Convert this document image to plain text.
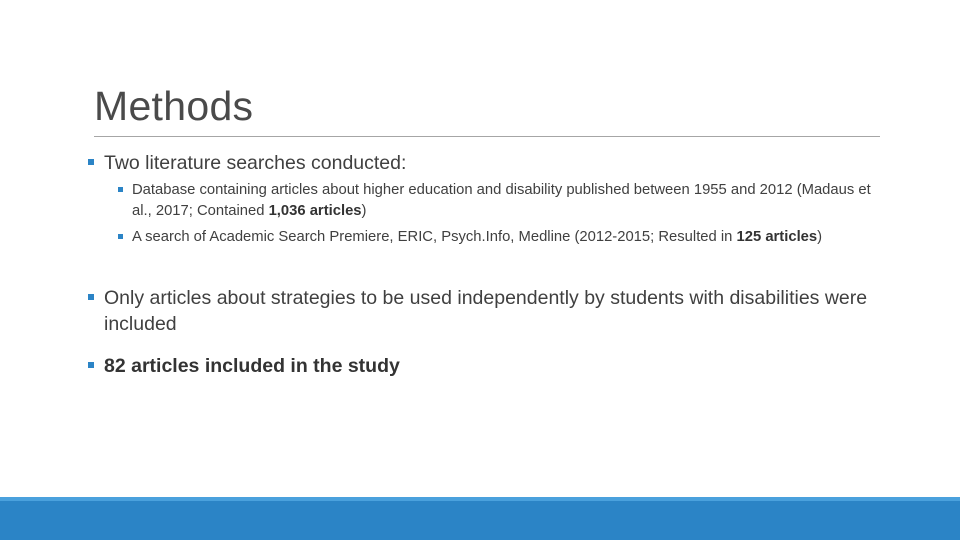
Methods
Two literature searches conducted:
Database containing articles about higher education and disability published between 1955 and 2012 (Madaus et al., 2017; Contained 1,036 articles)
A search of Academic Search Premiere, ERIC, Psych.Info, Medline (2012-2015; Resulted in 125 articles)
Only articles about strategies to be used independently by students with disabilities were included
82 articles included in the study
